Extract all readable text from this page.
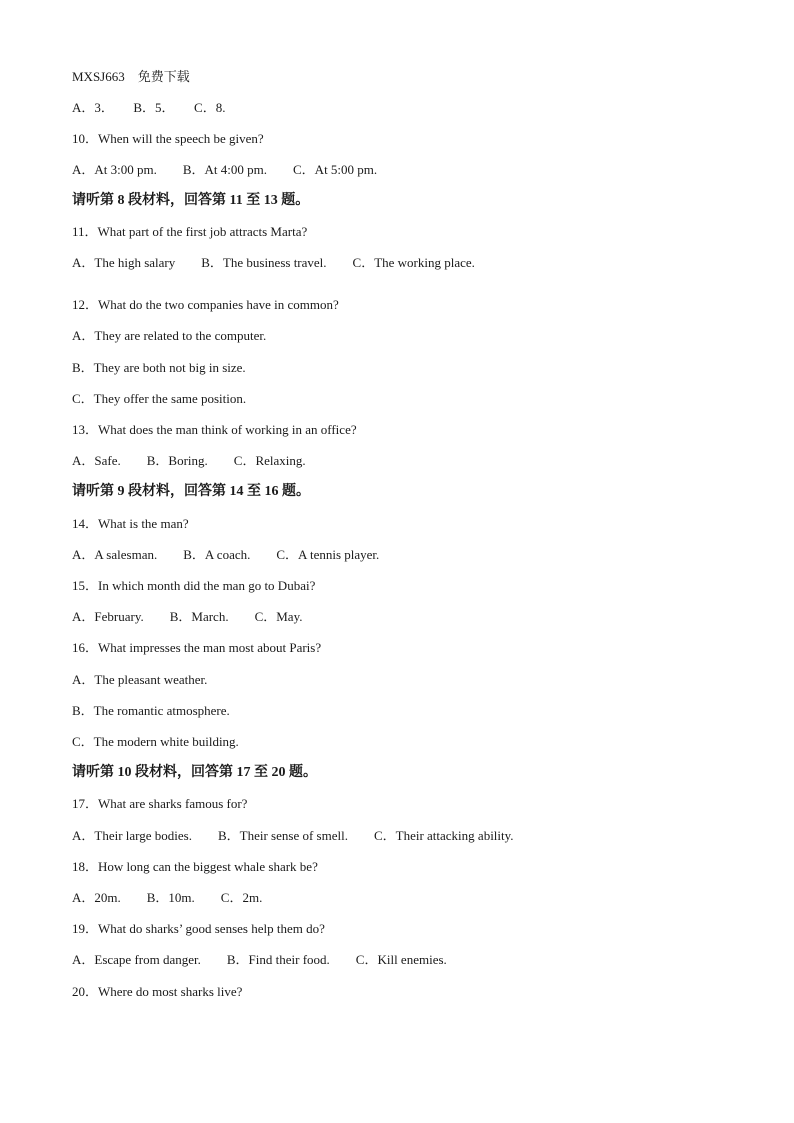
MXSJ663　免费下载
A．3．　　B．5．　　C．8.
10．When will the speech be given?
A．At 3:00 pm.　　B．At 4:00 pm.　　C．At 5:00 pm.
请听第 8 段材料，回答第 11 至 13 题。
11．What part of the first job attracts Marta?
A．The high salary　　B．The business travel.　　C．The working place.
12．What do the two companies have in common?
A．They are related to the computer.
B．They are both not big in size.
C．They offer the same position.
13．What does the man think of working in an office?
A．Safe.　　B．Boring.　　C．Relaxing.
请听第 9 段材料，回答第 14 至 16 题。
14．What is the man?
A．A salesman.　　B．A coach.　　C．A tennis player.
15．In which month did the man go to Dubai?
A．February.　　B．March.　　C．May.
16．What impresses the man most about Paris?
A．The pleasant weather.
B．The romantic atmosphere.
C．The modern white building.
请听第 10 段材料，回答第 17 至 20 题。
17．What are sharks famous for?
A．Their large bodies.　　B．Their sense of smell.　　C．Their attacking ability.
18．How long can the biggest whale shark be?
A．20m.　　B．10m.　　C．2m.
19．What do sharks’ good senses help them do?
A．Escape from danger.　　B．Find their food.　　C．Kill enemies.
20．Where do most sharks live?
